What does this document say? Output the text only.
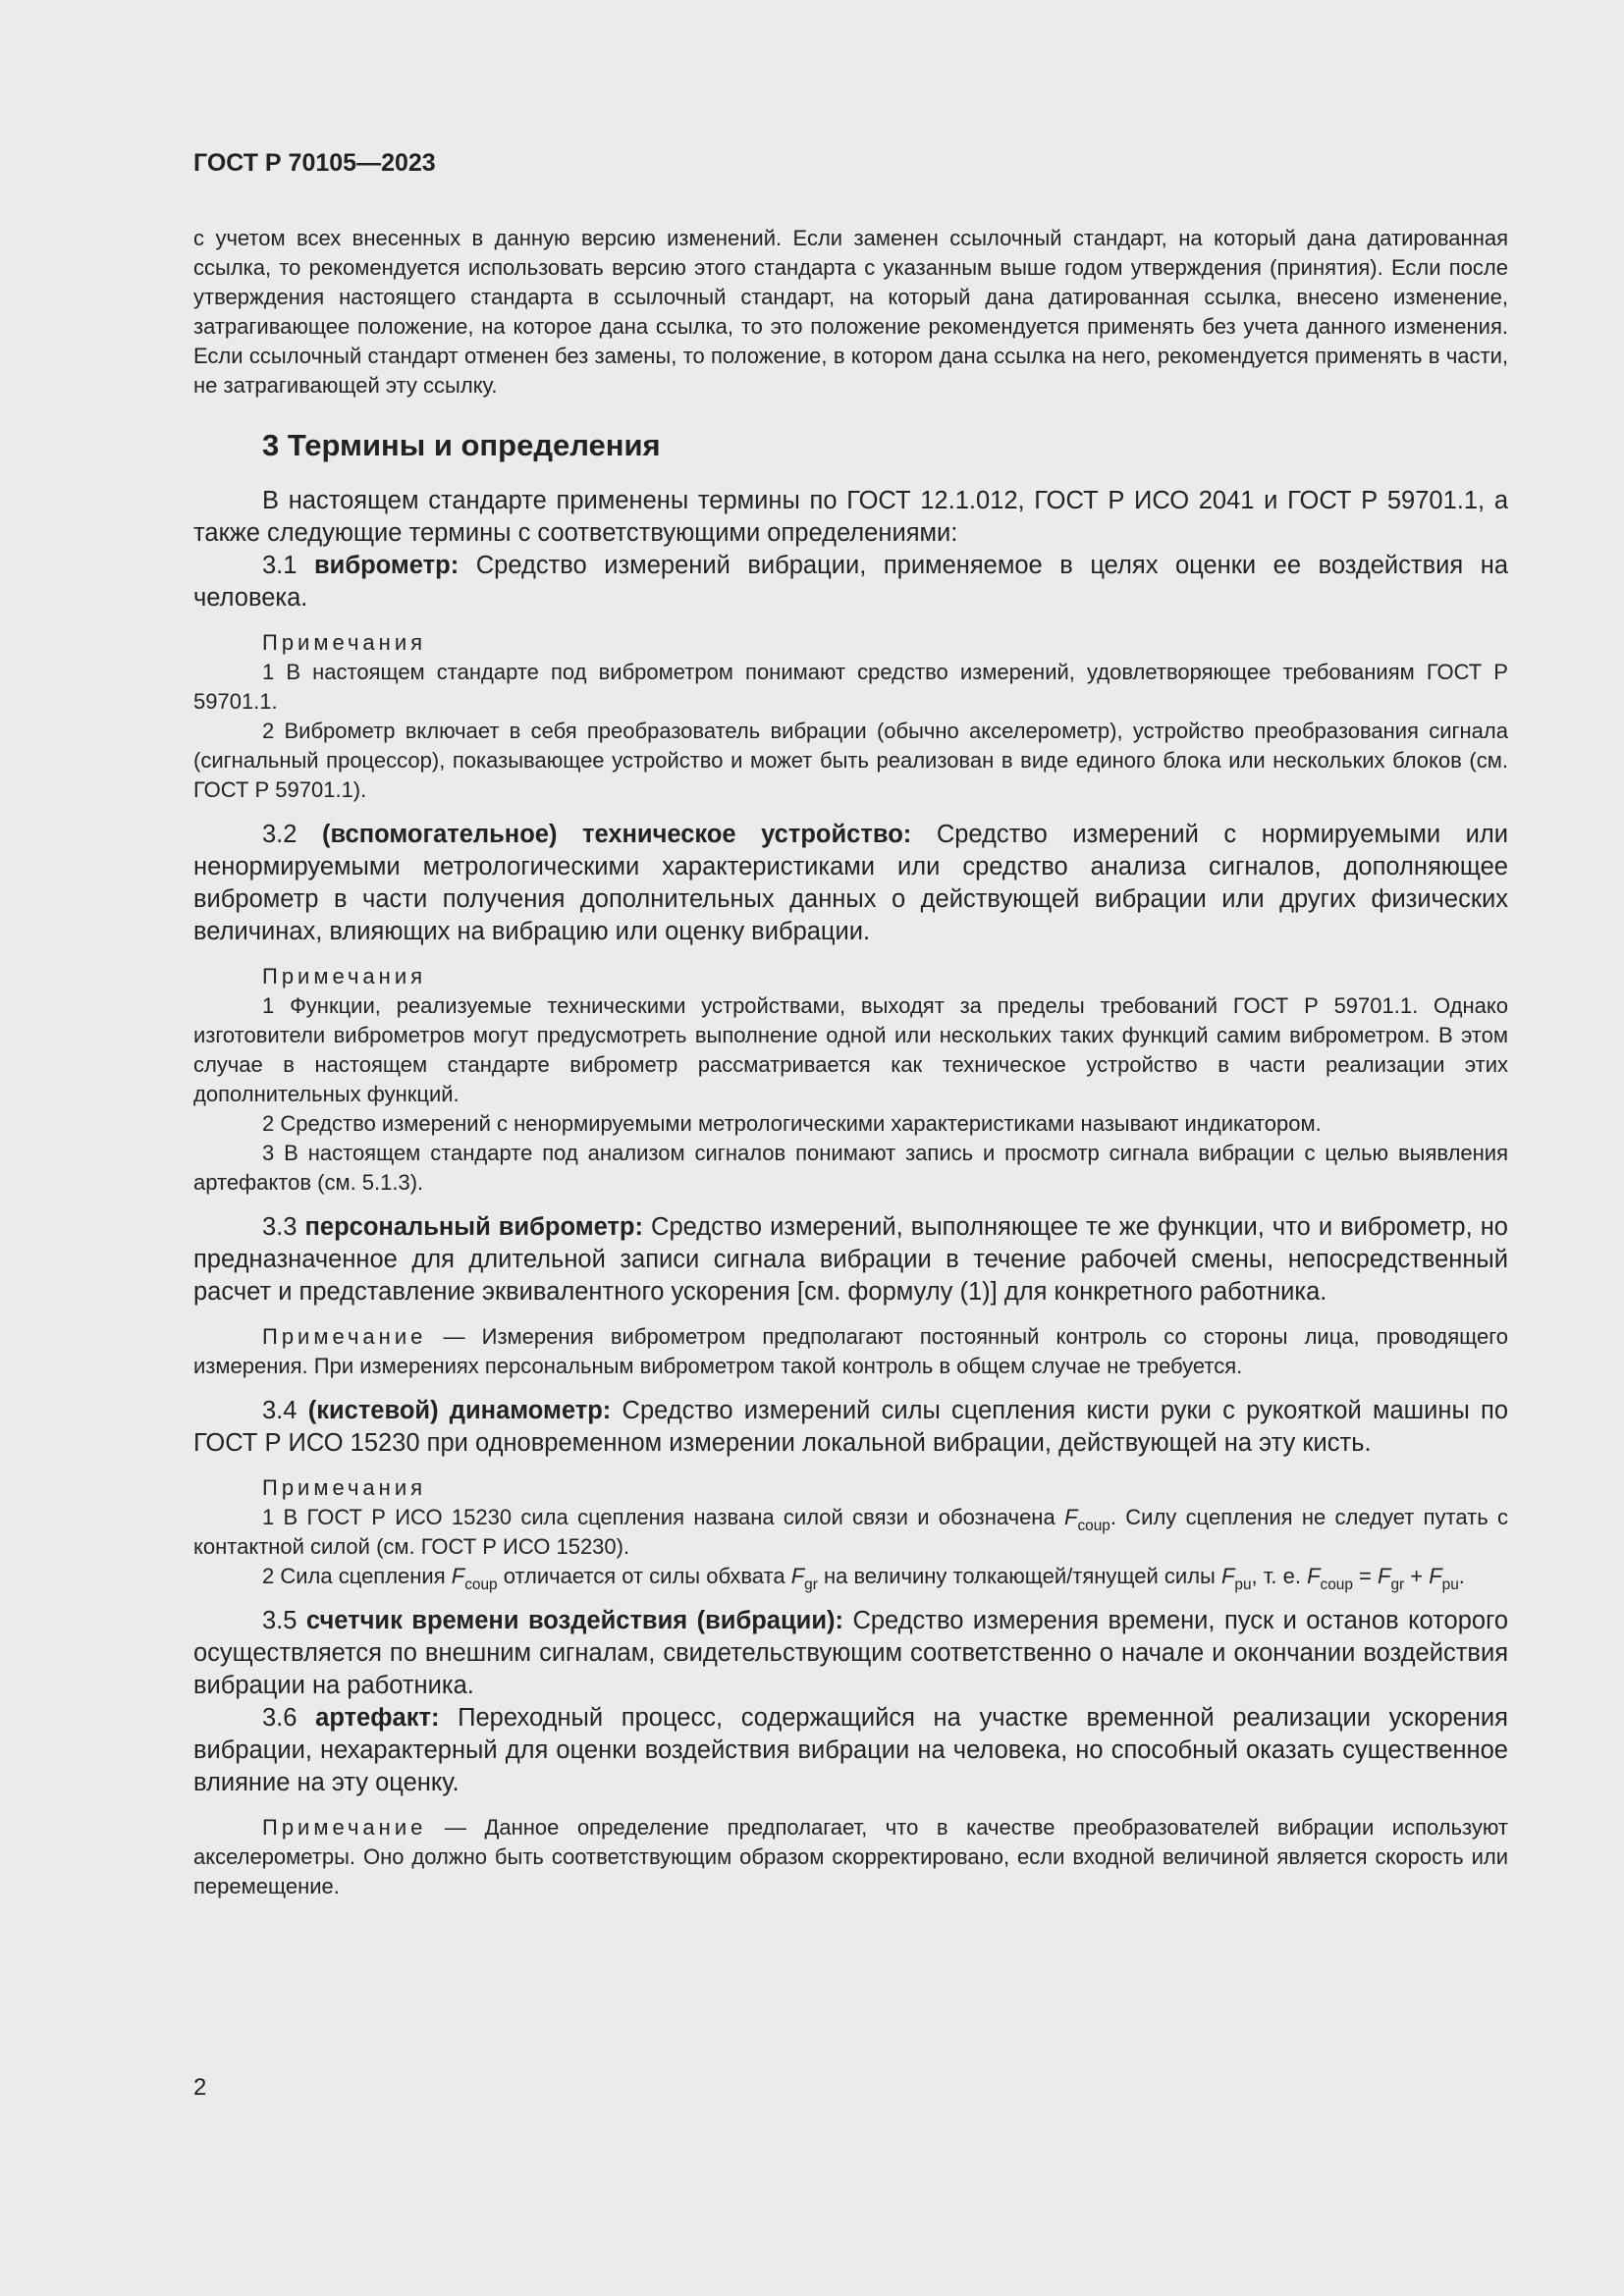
ГОСТ Р 70105—2023

с учетом всех внесенных в данную версию изменений. Если заменен ссылочный стандарт, на который дана датированная ссылка, то рекомендуется использовать версию этого стандарта с указанным выше годом утверждения (принятия). Если после утверждения настоящего стандарта в ссылочный стандарт, на который дана датированная ссылка, внесено изменение, затрагивающее положение, на которое дана ссылка, то это положение рекомендуется применять без учета данного изменения. Если ссылочный стандарт отменен без замены, то положение, в котором дана ссылка на него, рекомендуется применять в части, не затрагивающей эту ссылку.

3 Термины и определения

В настоящем стандарте применены термины по ГОСТ 12.1.012, ГОСТ Р ИСО 2041 и ГОСТ Р 59701.1, а также следующие термины с соответствующими определениями:

3.1 виброметр: Средство измерений вибрации, применяемое в целях оценки ее воздействия на человека.

Примечания

1 В настоящем стандарте под виброметром понимают средство измерений, удовлетворяющее требованиям ГОСТ Р 59701.1.

2 Виброметр включает в себя преобразователь вибрации (обычно акселерометр), устройство преобразования сигнала (сигнальный процессор), показывающее устройство и может быть реализован в виде единого блока или нескольких блоков (см. ГОСТ Р 59701.1).

3.2 (вспомогательное) техническое устройство: Средство измерений с нормируемыми или ненормируемыми метрологическими характеристиками или средство анализа сигналов, дополняющее виброметр в части получения дополнительных данных о действующей вибрации или других физических величинах, влияющих на вибрацию или оценку вибрации.

Примечания

1 Функции, реализуемые техническими устройствами, выходят за пределы требований ГОСТ Р 59701.1. Однако изготовители виброметров могут предусмотреть выполнение одной или нескольких таких функций самим виброметром. В этом случае в настоящем стандарте виброметр рассматривается как техническое устройство в части реализации этих дополнительных функций.

2 Средство измерений с ненормируемыми метрологическими характеристиками называют индикатором.

3 В настоящем стандарте под анализом сигналов понимают запись и просмотр сигнала вибрации с целью выявления артефактов (см. 5.1.3).

3.3 персональный виброметр: Средство измерений, выполняющее те же функции, что и виброметр, но предназначенное для длительной записи сигнала вибрации в течение рабочей смены, непосредственный расчет и представление эквивалентного ускорения [см. формулу (1)] для конкретного работника.

Примечание — Измерения виброметром предполагают постоянный контроль со стороны лица, проводящего измерения. При измерениях персональным виброметром такой контроль в общем случае не требуется.

3.4 (кистевой) динамометр: Средство измерений силы сцепления кисти руки с рукояткой машины по ГОСТ Р ИСО 15230 при одновременном измерении локальной вибрации, действующей на эту кисть.

Примечания

1 В ГОСТ Р ИСО 15230 сила сцепления названа силой связи и обозначена $F_{coup}$. Силу сцепления не следует путать с контактной силой (см. ГОСТ Р ИСО 15230).

2 Сила сцепления $F_{coup}$ отличается от силы обхвата $F_{gr}$ на величину толкающей/тянущей силы $F_{pu}$, т. е. $F_{coup} = F_{gr} + F_{pu}$.

3.5 счетчик времени воздействия (вибрации): Средство измерения времени, пуск и останов которого осуществляется по внешним сигналам, свидетельствующим соответственно о начале и окончании воздействия вибрации на работника.

3.6 артефакт: Переходный процесс, содержащийся на участке временной реализации ускорения вибрации, нехарактерный для оценки воздействия вибрации на человека, но способный оказать существенное влияние на эту оценку.

Примечание — Данное определение предполагает, что в качестве преобразователей вибрации используют акселерометры. Оно должно быть соответствующим образом скорректировано, если входной величиной является скорость или перемещение.

2
